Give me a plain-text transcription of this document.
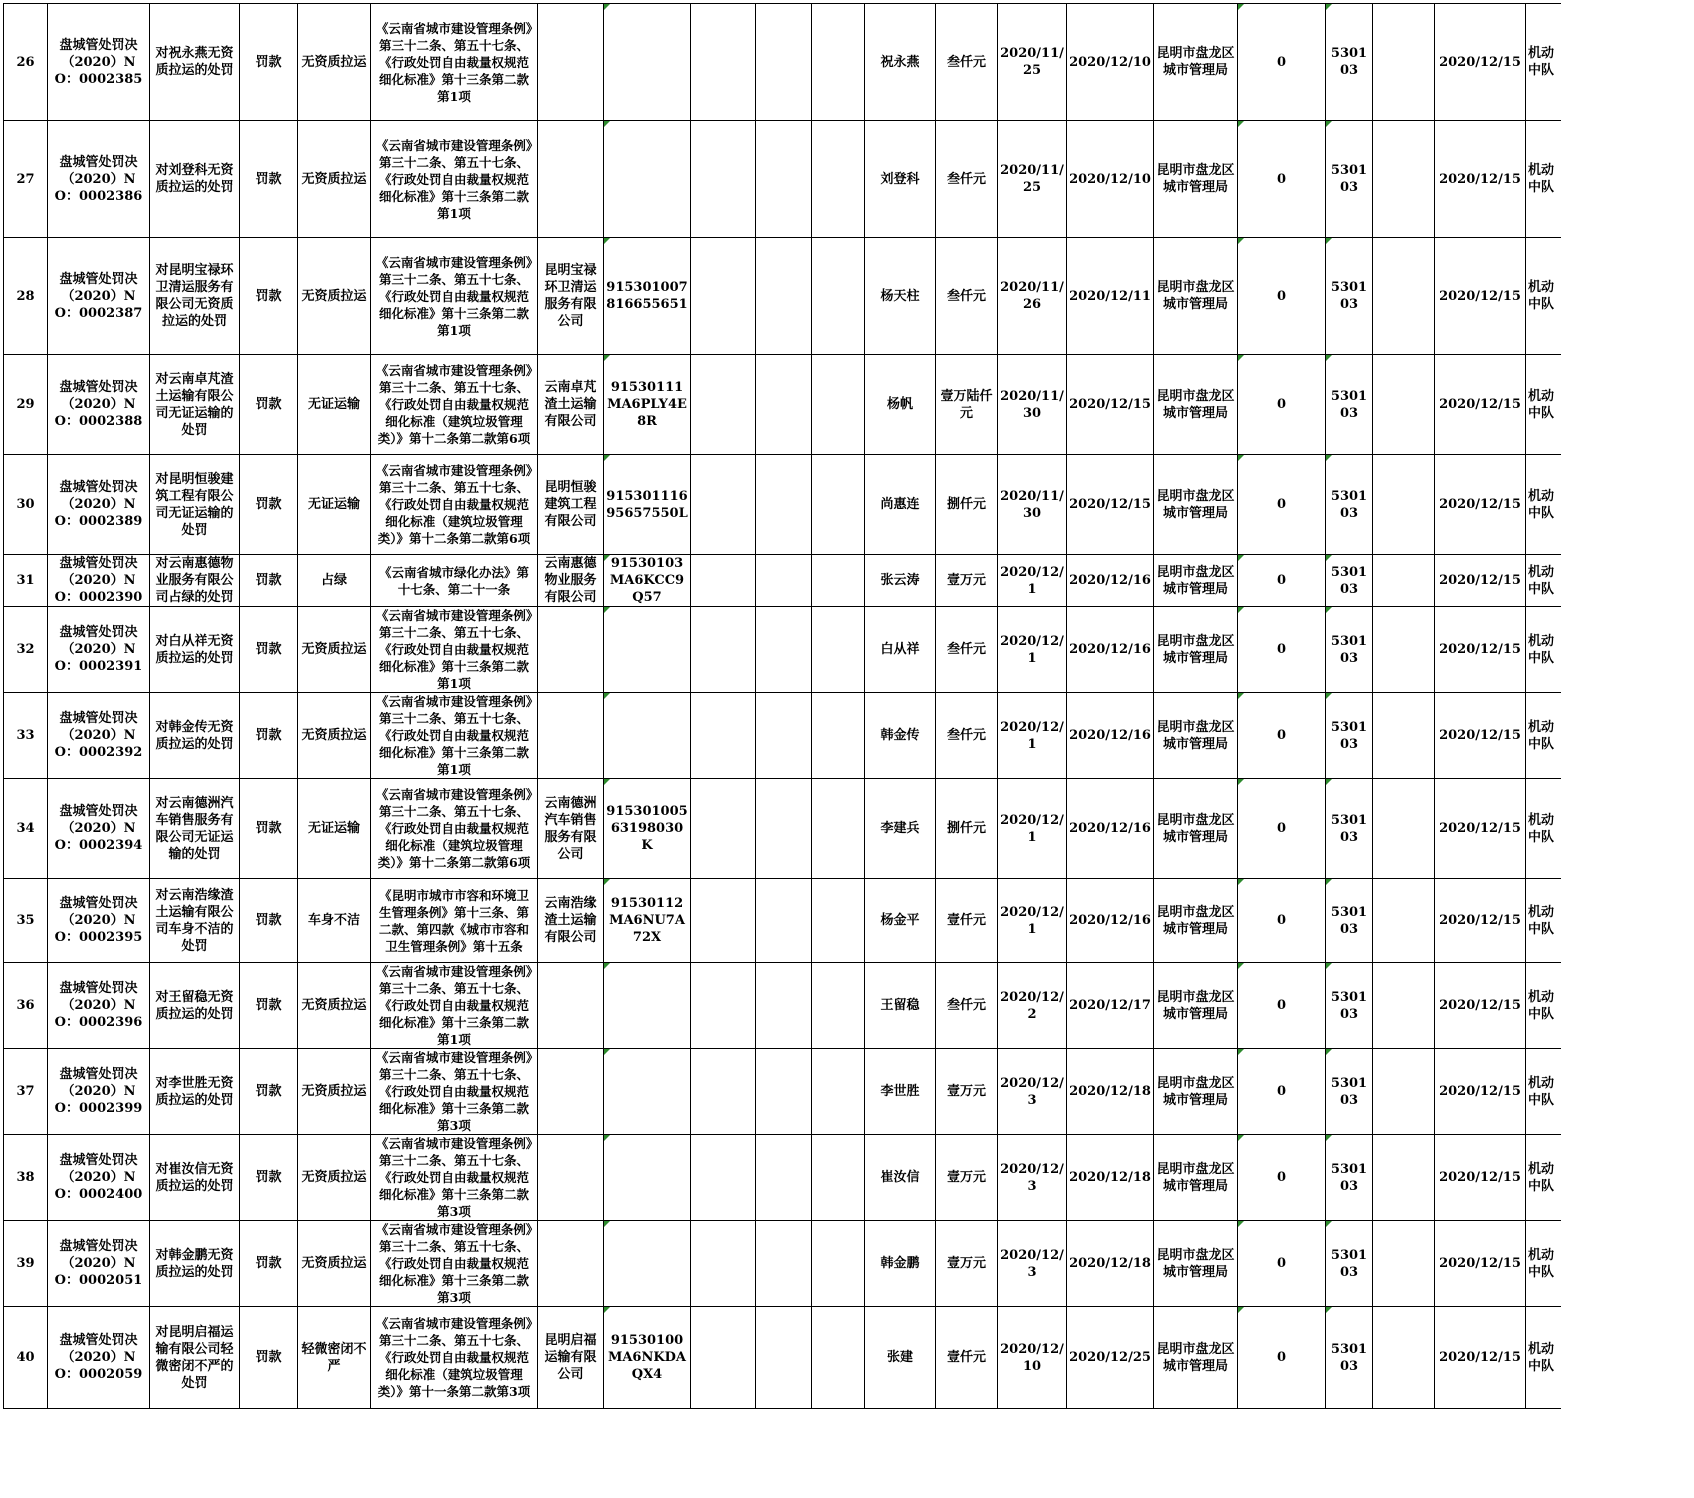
26	盘城管处罚决（2020）NO：0002385	对祝永燕无资质拉运的处罚	罚款	无资质拉运	《云南省城市建设管理条例》第三十二条、第五十七条、《行政处罚自由裁量权规范细化标准》第十三条第二款第1项						祝永燕	叁仟元	2020/11/25	2020/12/10	昆明市盘龙区城市管理局	0	530103		2020/12/15	机动中队
27	盘城管处罚决（2020）NO：0002386	对刘登科无资质拉运的处罚	罚款	无资质拉运	《云南省城市建设管理条例》第三十二条、第五十七条、《行政处罚自由裁量权规范细化标准》第十三条第二款第1项						刘登科	叁仟元	2020/11/25	2020/12/10	昆明市盘龙区城市管理局	0	530103		2020/12/15	机动中队
28	盘城管处罚决（2020）NO：0002387	对昆明宝禄环卫清运服务有限公司无资质拉运的处罚	罚款	无资质拉运	《云南省城市建设管理条例》第三十二条、第五十七条、《行政处罚自由裁量权规范细化标准》第十三条第二款第1项	昆明宝禄环卫清运服务有限公司	915301007816655651				杨天柱	叁仟元	2020/11/26	2020/12/11	昆明市盘龙区城市管理局	0	530103		2020/12/15	机动中队
29	盘城管处罚决（2020）NO：0002388	对云南卓芃渣土运输有限公司无证运输的处罚	罚款	无证运输	《云南省城市建设管理条例》第三十二条、第五十七条、《行政处罚自由裁量权规范细化标准（建筑垃圾管理类）》第十二条第二款第6项	云南卓芃渣土运输有限公司	91530111MA6PLY4E8R				杨帆	壹万陆仟元	2020/11/30	2020/12/15	昆明市盘龙区城市管理局	0	530103		2020/12/15	机动中队
30	盘城管处罚决（2020）NO：0002389	对昆明恒骏建筑工程有限公司无证运输的处罚	罚款	无证运输	《云南省城市建设管理条例》第三十二条、第五十七条、《行政处罚自由裁量权规范细化标准（建筑垃圾管理类）》第十二条第二款第6项	昆明恒骏建筑工程有限公司	91530111695657550L				尚惠连	捌仟元	2020/11/30	2020/12/15	昆明市盘龙区城市管理局	0	530103		2020/12/15	机动中队
31	盘城管处罚决（2020）NO：0002390	对云南惠德物业服务有限公司占绿的处罚	罚款	占绿	《云南省城市绿化办法》第十七条、第二十一条	云南惠德物业服务有限公司	91530103MA6KCC9Q57				张云涛	壹万元	2020/12/1	2020/12/16	昆明市盘龙区城市管理局	0	530103		2020/12/15	机动中队
32	盘城管处罚决（2020）NO：0002391	对白从祥无资质拉运的处罚	罚款	无资质拉运	《云南省城市建设管理条例》第三十二条、第五十七条、《行政处罚自由裁量权规范细化标准》第十三条第二款第1项						白从祥	叁仟元	2020/12/1	2020/12/16	昆明市盘龙区城市管理局	0	530103		2020/12/15	机动中队
33	盘城管处罚决（2020）NO：0002392	对韩金传无资质拉运的处罚	罚款	无资质拉运	《云南省城市建设管理条例》第三十二条、第五十七条、《行政处罚自由裁量权规范细化标准》第十三条第二款第1项						韩金传	叁仟元	2020/12/1	2020/12/16	昆明市盘龙区城市管理局	0	530103		2020/12/15	机动中队
34	盘城管处罚决（2020）NO：0002394	对云南德洲汽车销售服务有限公司无证运输的处罚	罚款	无证运输	《云南省城市建设管理条例》第三十二条、第五十七条、《行政处罚自由裁量权规范细化标准（建筑垃圾管理类）》第十二条第二款第6项	云南德洲汽车销售服务有限公司	91530100563198030K				李建兵	捌仟元	2020/12/1	2020/12/16	昆明市盘龙区城市管理局	0	530103		2020/12/15	机动中队
35	盘城管处罚决（2020）NO：0002395	对云南浩缘渣土运输有限公司车身不洁的处罚	罚款	车身不洁	《昆明市城市市容和环境卫生管理条例》第十三条、第二款、第四款《城市市容和卫生管理条例》第十五条	云南浩缘渣土运输有限公司	91530112MA6NU7A72X				杨金平	壹仟元	2020/12/1	2020/12/16	昆明市盘龙区城市管理局	0	530103		2020/12/15	机动中队
36	盘城管处罚决（2020）NO：0002396	对王留稳无资质拉运的处罚	罚款	无资质拉运	《云南省城市建设管理条例》第三十二条、第五十七条、《行政处罚自由裁量权规范细化标准》第十三条第二款第1项						王留稳	叁仟元	2020/12/2	2020/12/17	昆明市盘龙区城市管理局	0	530103		2020/12/15	机动中队
37	盘城管处罚决（2020）NO：0002399	对李世胜无资质拉运的处罚	罚款	无资质拉运	《云南省城市建设管理条例》第三十二条、第五十七条、《行政处罚自由裁量权规范细化标准》第十三条第二款第3项						李世胜	壹万元	2020/12/3	2020/12/18	昆明市盘龙区城市管理局	0	530103		2020/12/15	机动中队
38	盘城管处罚决（2020）NO：0002400	对崔汝信无资质拉运的处罚	罚款	无资质拉运	《云南省城市建设管理条例》第三十二条、第五十七条、《行政处罚自由裁量权规范细化标准》第十三条第二款第3项						崔汝信	壹万元	2020/12/3	2020/12/18	昆明市盘龙区城市管理局	0	530103		2020/12/15	机动中队
39	盘城管处罚决（2020）NO：0002051	对韩金鹏无资质拉运的处罚	罚款	无资质拉运	《云南省城市建设管理条例》第三十二条、第五十七条、《行政处罚自由裁量权规范细化标准》第十三条第二款第3项						韩金鹏	壹万元	2020/12/3	2020/12/18	昆明市盘龙区城市管理局	0	530103		2020/12/15	机动中队
40	盘城管处罚决（2020）NO：0002059	对昆明启福运输有限公司轻微密闭不严的处罚	罚款	轻微密闭不严	《云南省城市建设管理条例》第三十二条、第五十七条、《行政处罚自由裁量权规范细化标准（建筑垃圾管理类）》第十一条第二款第3项	昆明启福运输有限公司	91530100MA6NKDAQX4				张建	壹仟元	2020/12/10	2020/12/25	昆明市盘龙区城市管理局	0	530103		2020/12/15	机动中队
